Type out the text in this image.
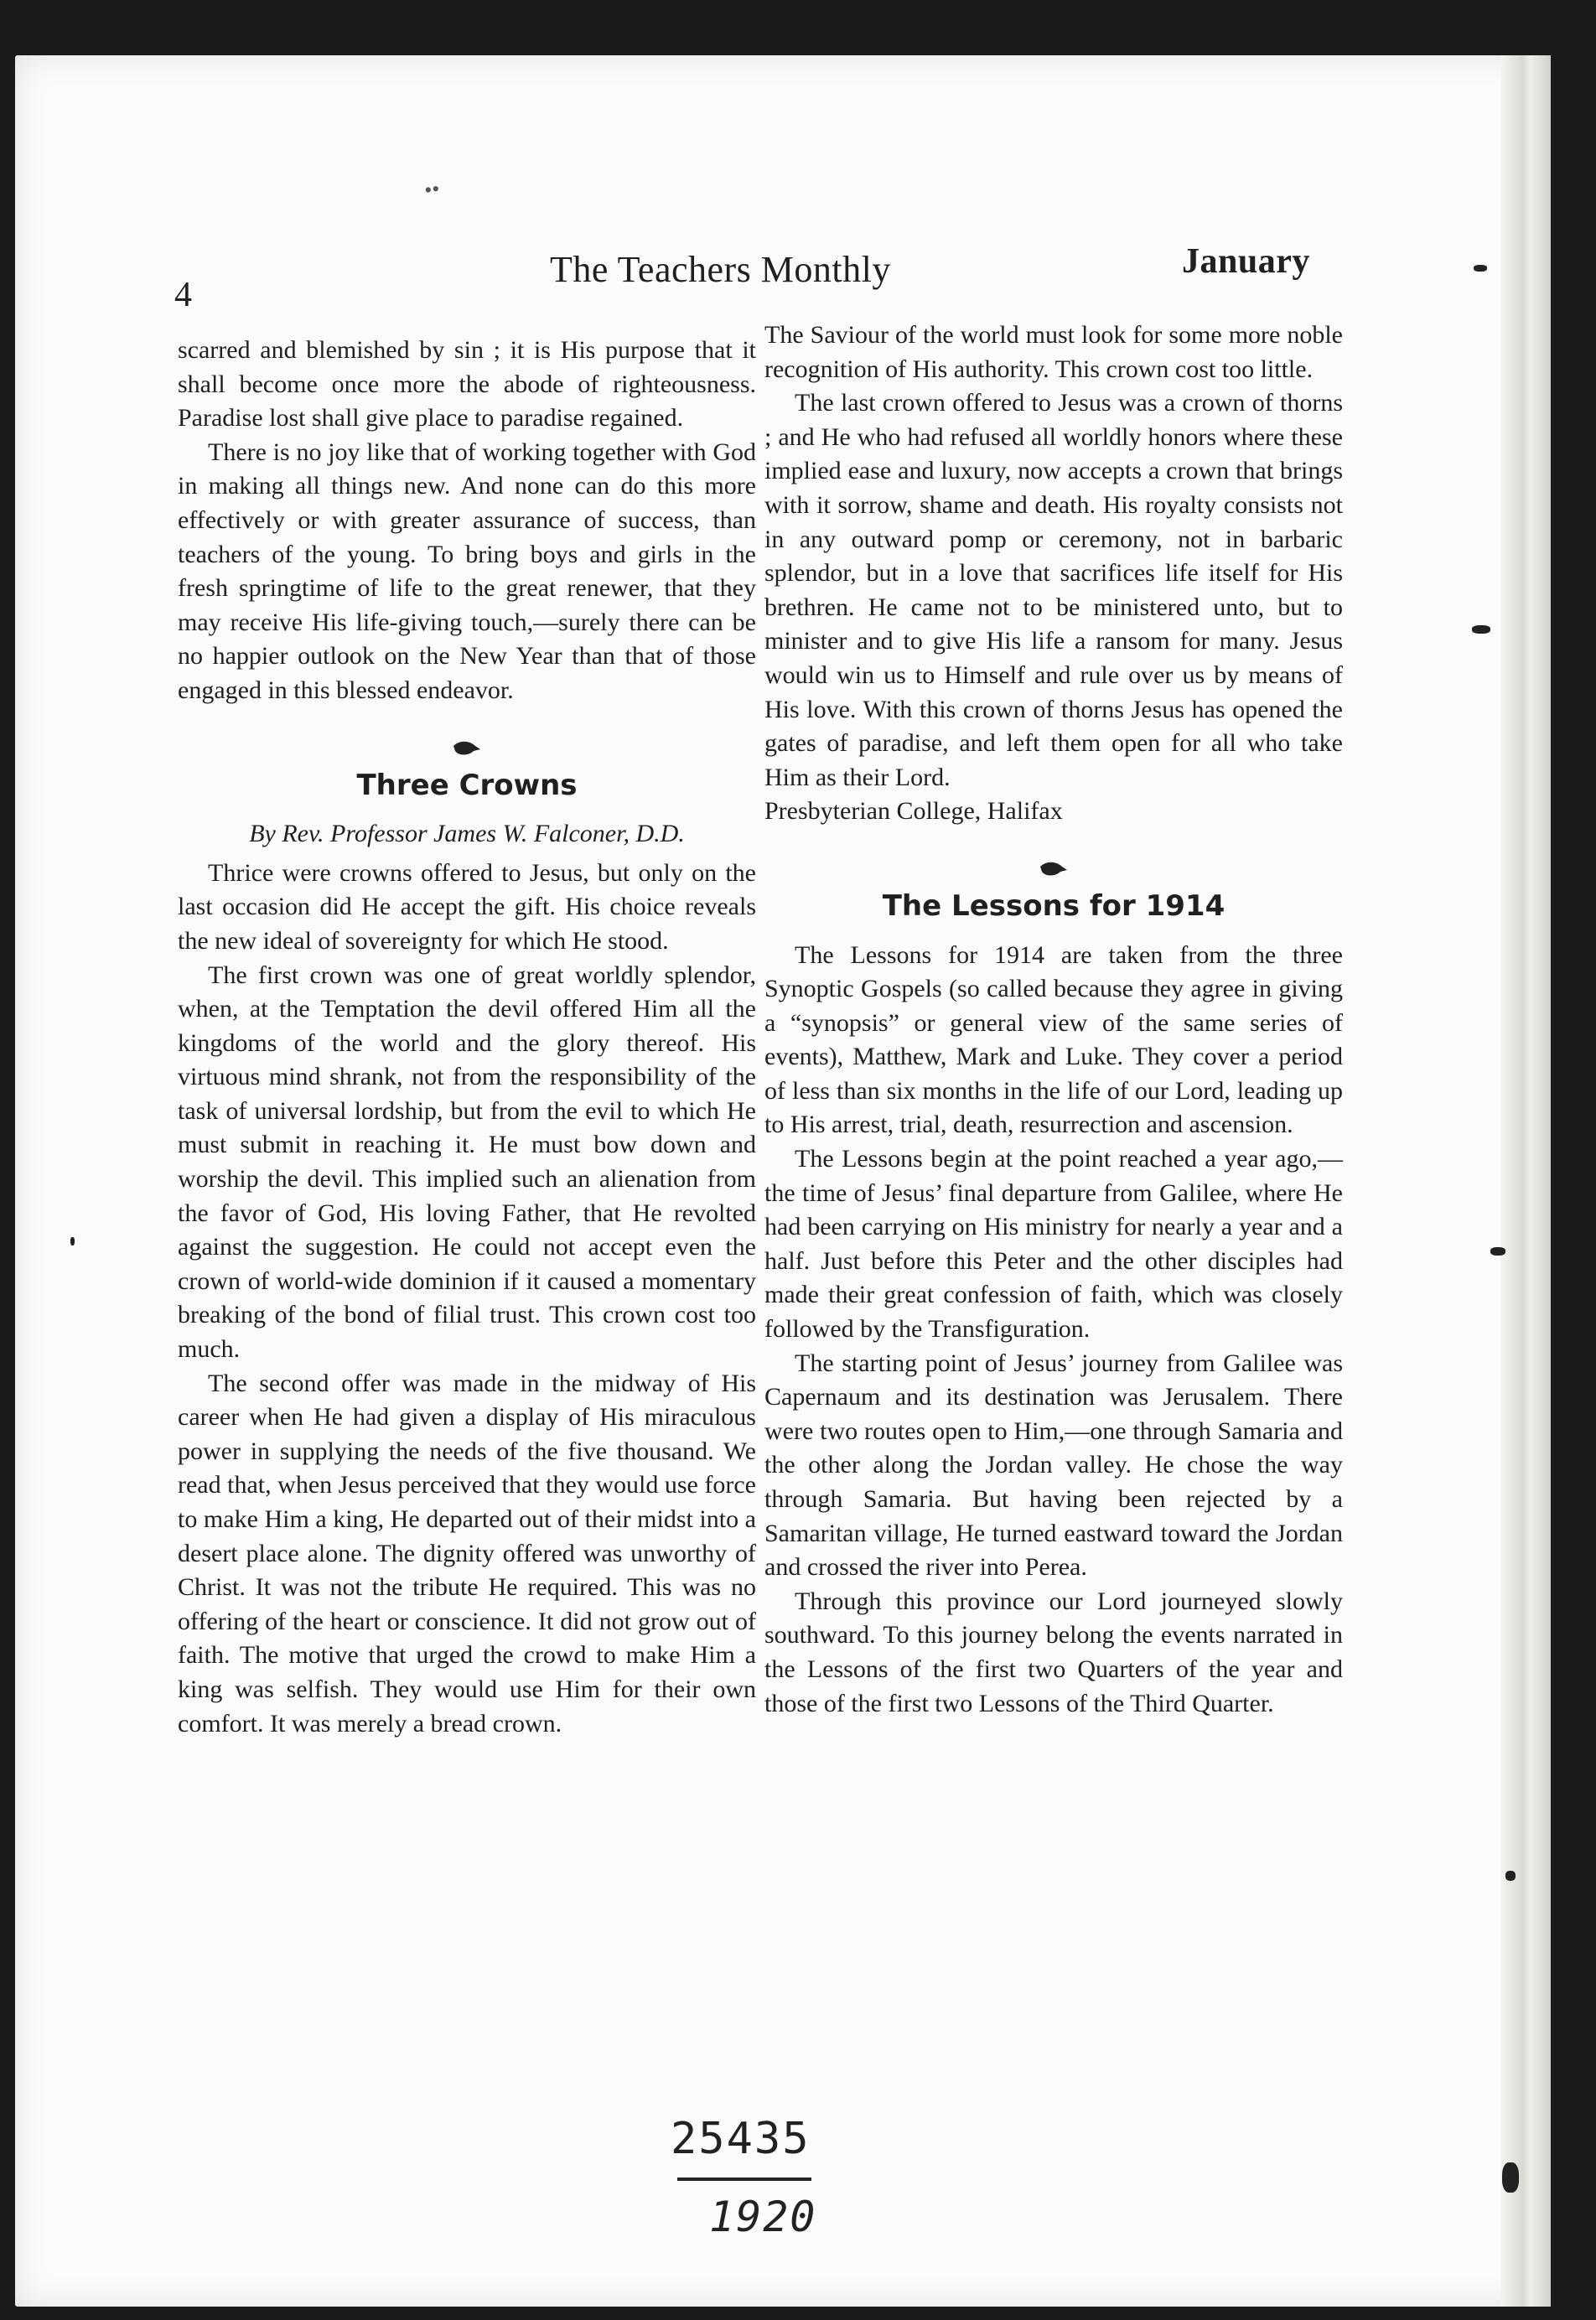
••
4
The Teachers Monthly	January

scarred and blemished by sin ; it is His purpose that it shall become once more the abode of righteousness. Paradise lost shall give place to paradise regained.

There is no joy like that of working together with God in making all things new. And none can do this more effectively or with greater assurance of success, than teachers of the young. To bring boys and girls in the fresh springtime of life to the great renewer, that they may receive His life-giving touch,—surely there can be no happier outlook on the New Year than that of those engaged in this blessed endeavor.

Three Crowns
By Rev. Professor James W. Falconer, D.D.

Thrice were crowns offered to Jesus, but only on the last occasion did He accept the gift. His choice reveals the new ideal of sovereignty for which He stood.

The first crown was one of great worldly splendor, when, at the Temptation the devil offered Him all the kingdoms of the world and the glory thereof. His virtuous mind shrank, not from the responsibility of the task of universal lordship, but from the evil to which He must submit in reaching it. He must bow down and worship the devil. This implied such an alienation from the favor of God, His loving Father, that He revolted against the suggestion. He could not accept even the crown of world-wide dominion if it caused a momentary breaking of the bond of filial trust. This crown cost too much.

The second offer was made in the midway of His career when He had given a display of His miraculous power in supplying the needs of the five thousand. We read that, when Jesus perceived that they would use force to make Him a king, He departed out of their midst into a desert place alone. The dignity offered was unworthy of Christ. It was not the tribute He required. This was no offering of the heart or conscience. It did not grow out of faith. The motive that urged the crowd to make Him a king was selfish. They would use Him for their own comfort. It was merely a bread crown.

The Saviour of the world must look for some more noble recognition of His authority. This crown cost too little.

The last crown offered to Jesus was a crown of thorns ; and He who had refused all worldly honors where these implied ease and luxury, now accepts a crown that brings with it sorrow, shame and death. His royalty consists not in any outward pomp or ceremony, not in barbaric splendor, but in a love that sacrifices life itself for His brethren. He came not to be ministered unto, but to minister and to give His life a ransom for many. Jesus would win us to Himself and rule over us by means of His love. With this crown of thorns Jesus has opened the gates of paradise, and left them open for all who take Him as their Lord.

Presbyterian College, Halifax

The Lessons for 1914

The Lessons for 1914 are taken from the three Synoptic Gospels (so called because they agree in giving a “synopsis” or general view of the same series of events), Matthew, Mark and Luke. They cover a period of less than six months in the life of our Lord, leading up to His arrest, trial, death, resurrection and ascension.

The Lessons begin at the point reached a year ago,—the time of Jesus’ final departure from Galilee, where He had been carrying on His ministry for nearly a year and a half. Just before this Peter and the other disciples had made their great confession of faith, which was closely followed by the Transfiguration.

The starting point of Jesus’ journey from Galilee was Capernaum and its destination was Jerusalem. There were two routes open to Him,—one through Samaria and the other along the Jordan valley. He chose the way through Samaria. But having been rejected by a Samaritan village, He turned eastward toward the Jordan and crossed the river into Perea.

Through this province our Lord journeyed slowly southward. To this journey belong the events narrated in the Lessons of the first two Quarters of the year and those of the first two Lessons of the Third Quarter.

25435
1920
